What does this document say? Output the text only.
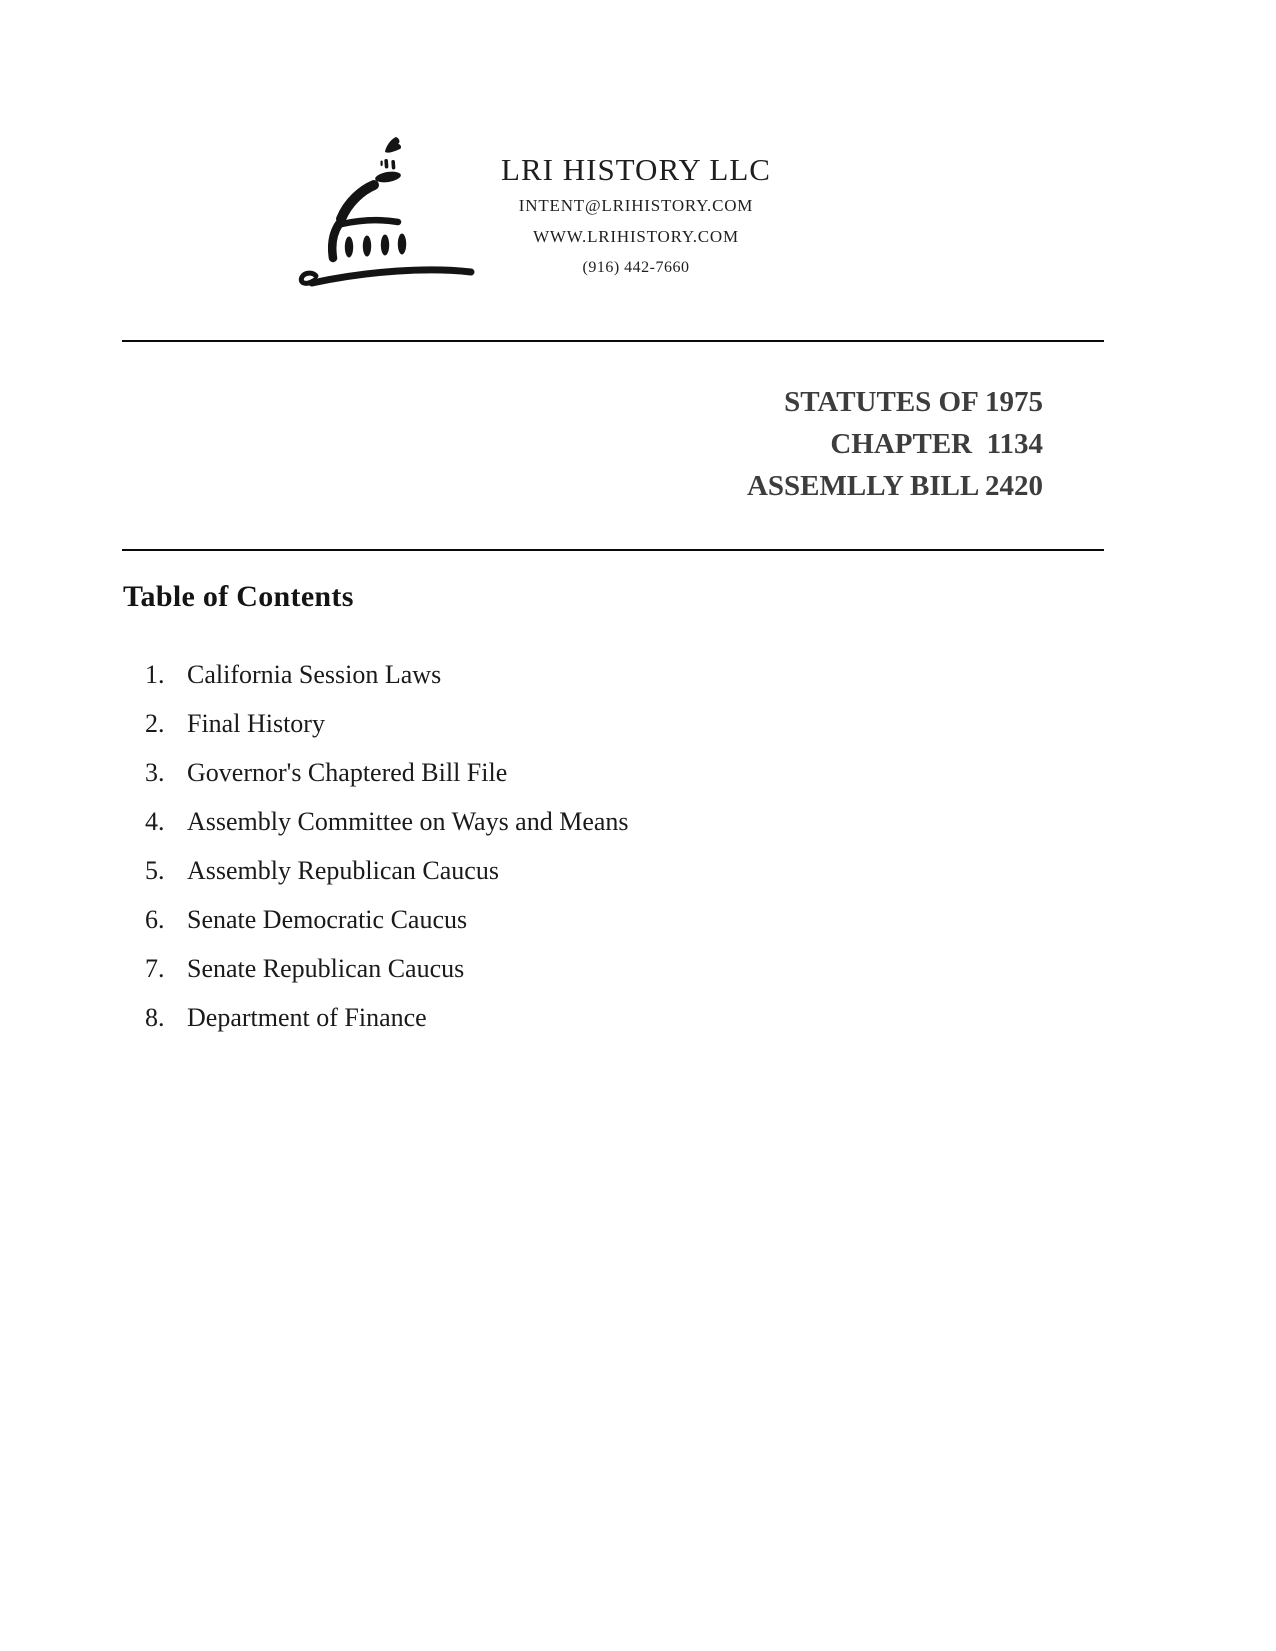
LRI HISTORY LLC
INTENT@LRIHISTORY.COM
WWW.LRIHISTORY.COM
(916) 442-7660
STATUTES OF 1975
CHAPTER  1134
ASSEMLLY BILL 2420
Table of Contents
1. California Session Laws
2. Final History
3. Governor's Chaptered Bill File
4. Assembly Committee on Ways and Means
5. Assembly Republican Caucus
6. Senate Democratic Caucus
7. Senate Republican Caucus
8. Department of Finance
